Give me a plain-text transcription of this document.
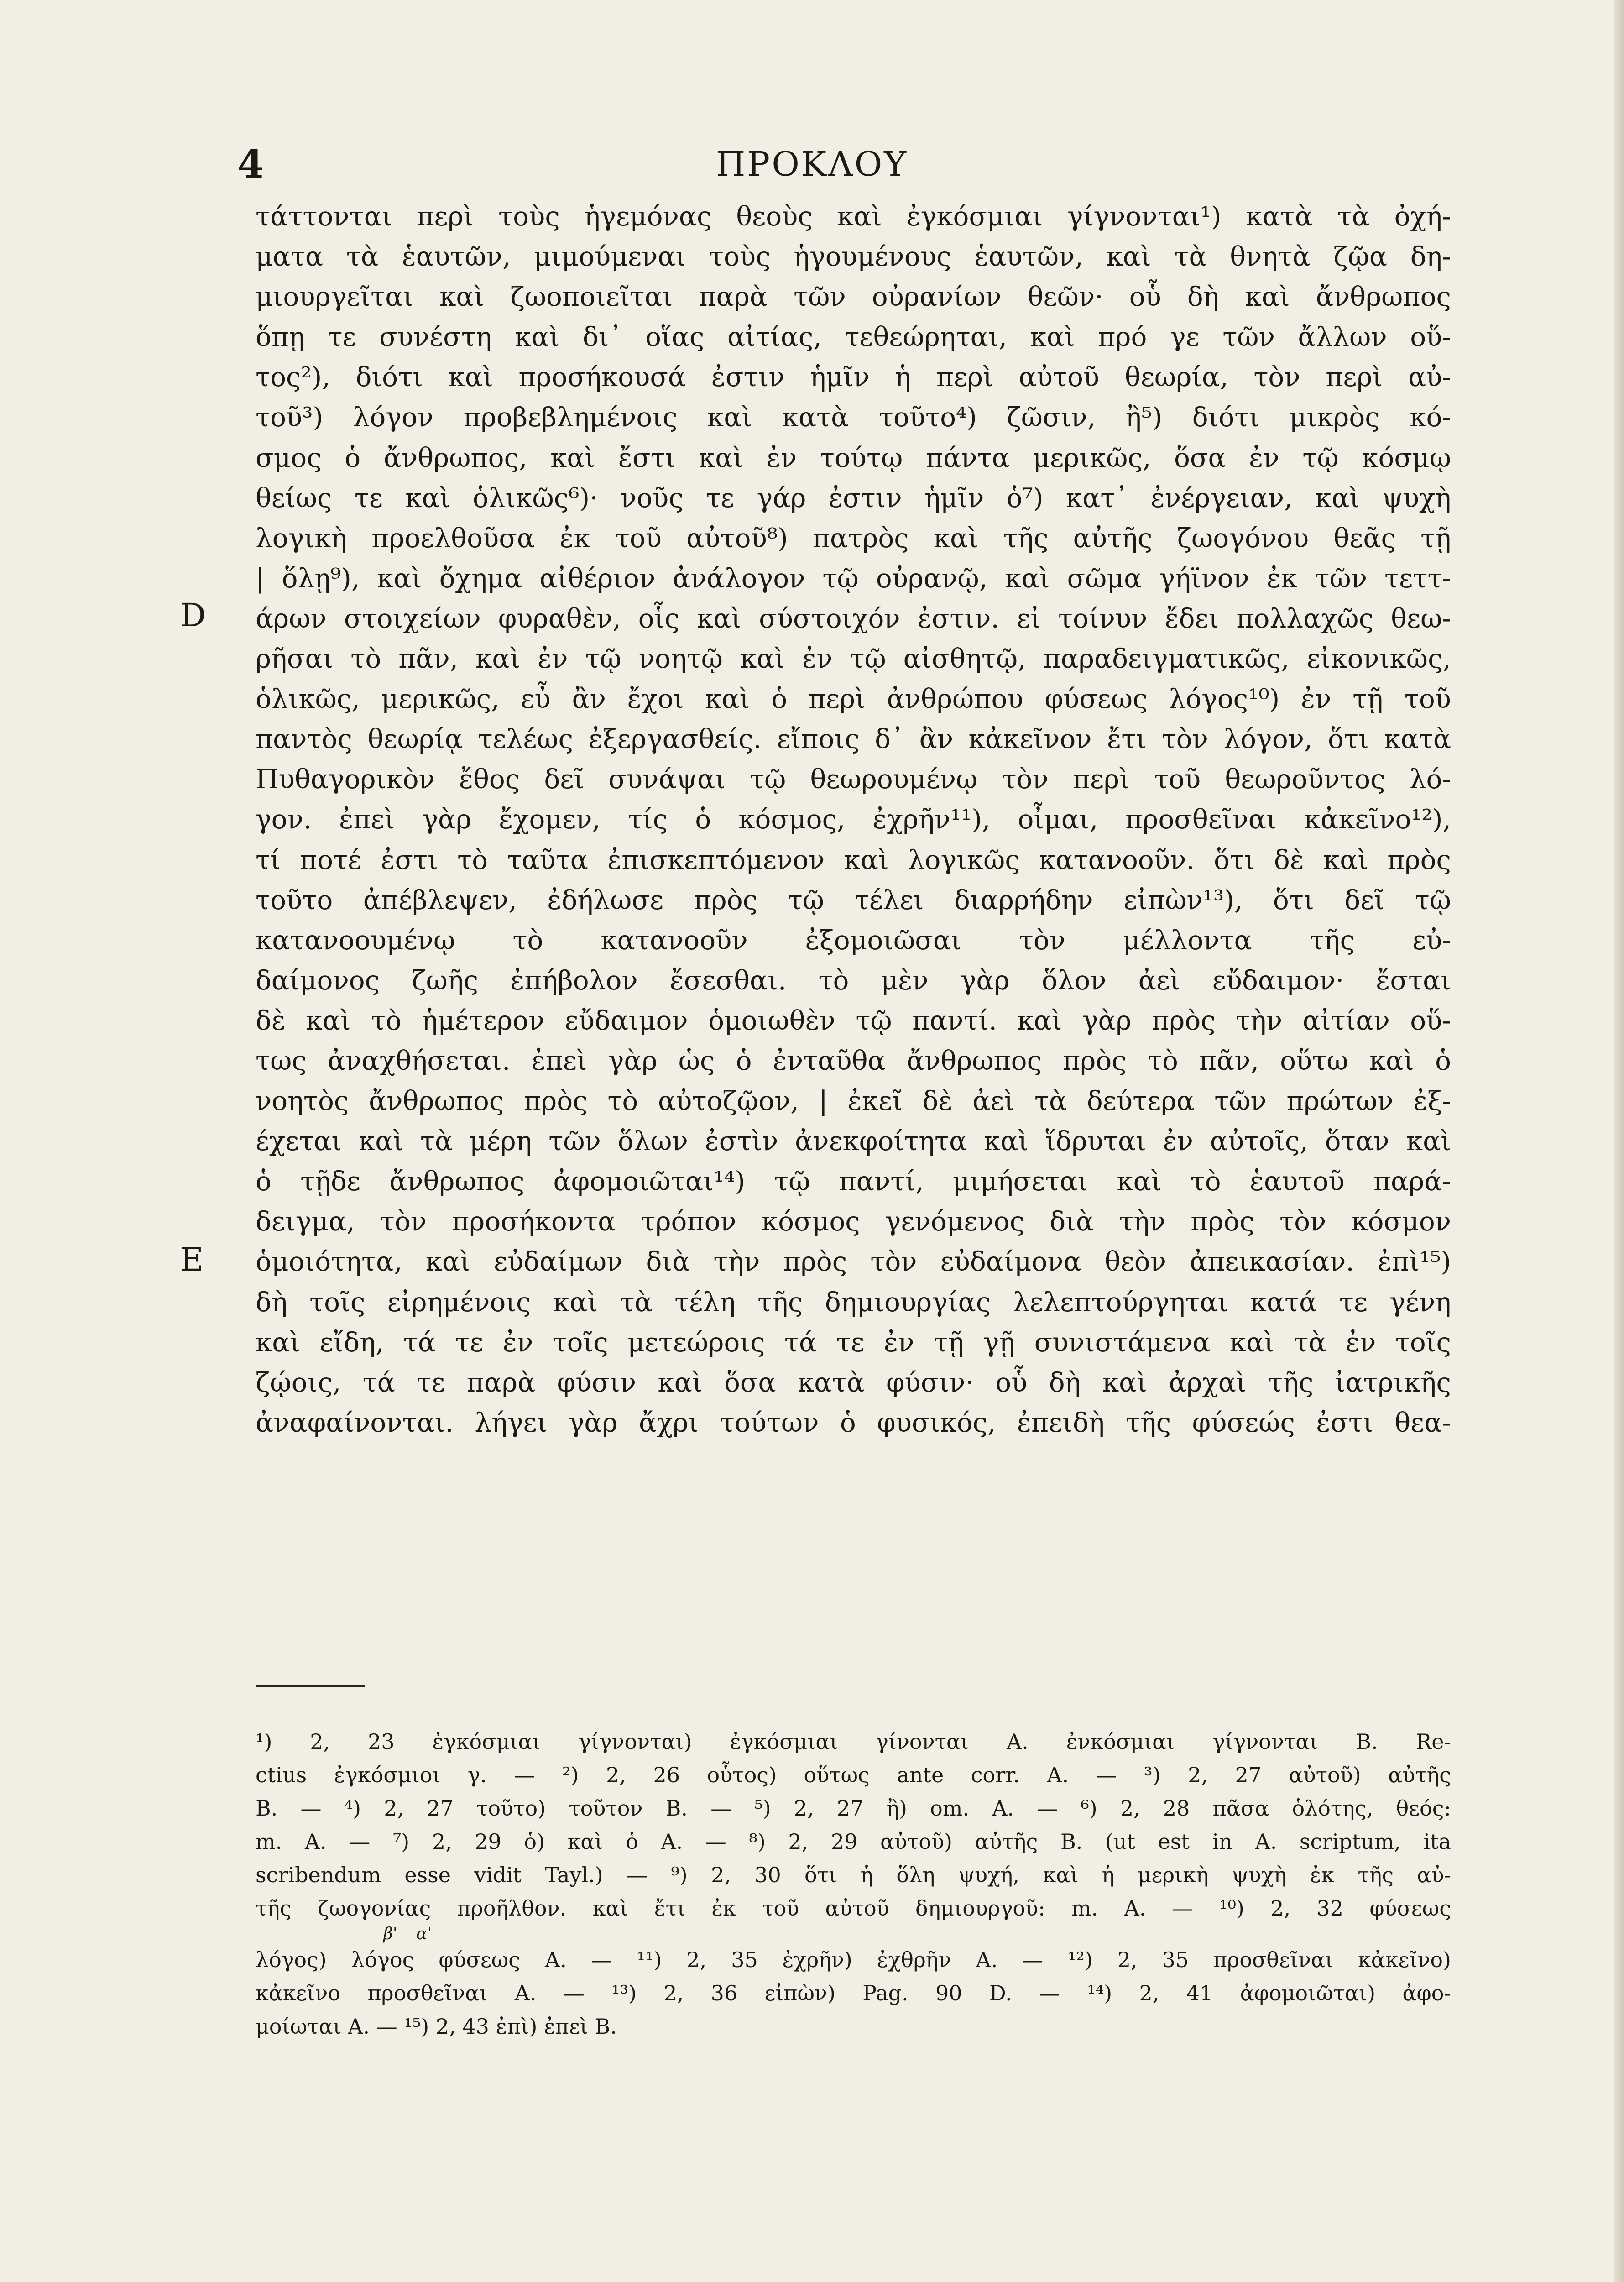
4	ΠΡΟΚΛΟΥ
D
E
τάττονται περὶ τοὺς ἡγεμόνας θεοὺς καὶ ἐγκόσμιαι γίγνονται¹) κατὰ τὰ ὀχή-
ματα τὰ ἑαυτῶν, μιμούμεναι τοὺς ἡγουμένους ἑαυτῶν, καὶ τὰ θνητὰ ζῷα δη-
μιουργεῖται καὶ ζωοποιεῖται παρὰ τῶν οὐρανίων θεῶν· οὗ δὴ καὶ ἄνθρωπος
ὅπῃ τε συνέστη καὶ δι᾽ οἵας αἰτίας, τεθεώρηται, καὶ πρό γε τῶν ἄλλων οὕ-
τος²), διότι καὶ προσήκουσά ἐστιν ἡμῖν ἡ περὶ αὐτοῦ θεωρία, τὸν περὶ αὐ-
τοῦ³) λόγον προβεβλημένοις καὶ κατὰ τοῦτο⁴) ζῶσιν, ἢ⁵) διότι μικρὸς κό-
σμος ὁ ἄνθρωπος, καὶ ἔστι καὶ ἐν τούτῳ πάντα μερικῶς, ὅσα ἐν τῷ κόσμῳ
θείως τε καὶ ὁλικῶς⁶)· νοῦς τε γάρ ἐστιν ἡμῖν ὁ⁷) κατ᾽ ἐνέργειαν, καὶ ψυχὴ
λογικὴ προελθοῦσα ἐκ τοῦ αὐτοῦ⁸) πατρὸς καὶ τῆς αὐτῆς ζωογόνου θεᾶς τῇ
| ὅλῃ⁹), καὶ ὄχημα αἰθέριον ἀνάλογον τῷ οὐρανῷ, καὶ σῶμα γήϊνον ἐκ τῶν τεττ-
άρων στοιχείων φυραθὲν, οἷς καὶ σύστοιχόν ἐστιν. εἰ τοίνυν ἔδει πολλαχῶς θεω-
ρῆσαι τὸ πᾶν, καὶ ἐν τῷ νοητῷ καὶ ἐν τῷ αἰσθητῷ, παραδειγματικῶς, εἰκονικῶς,
ὁλικῶς, μερικῶς, εὖ ἂν ἔχοι καὶ ὁ περὶ ἀνθρώπου φύσεως λόγος¹⁰) ἐν τῇ τοῦ
παντὸς θεωρίᾳ τελέως ἐξεργασθείς. εἴποις δ᾽ ἂν κἀκεῖνον ἔτι τὸν λόγον, ὅτι κατὰ
Πυθαγορικὸν ἔθος δεῖ συνάψαι τῷ θεωρουμένῳ τὸν περὶ τοῦ θεωροῦντος λό-
γον. ἐπεὶ γὰρ ἔχομεν, τίς ὁ κόσμος, ἐχρῆν¹¹), οἶμαι, προσθεῖναι κἀκεῖνο¹²),
τί ποτέ ἐστι τὸ ταῦτα ἐπισκεπτόμενον καὶ λογικῶς κατανοοῦν. ὅτι δὲ καὶ πρὸς
τοῦτο ἀπέβλεψεν, ἐδήλωσε πρὸς τῷ τέλει διαρρήδην εἰπὼν¹³), ὅτι δεῖ τῷ
κατανοουμένῳ τὸ κατανοοῦν ἐξομοιῶσαι τὸν μέλλοντα τῆς εὐ-
δαίμονος ζωῆς ἐπήβολον ἔσεσθαι. τὸ μὲν γὰρ ὅλον ἀεὶ εὔδαιμον· ἔσται
δὲ καὶ τὸ ἡμέτερον εὔδαιμον ὁμοιωθὲν τῷ παντί. καὶ γὰρ πρὸς τὴν αἰτίαν οὕ-
τως ἀναχθήσεται. ἐπεὶ γὰρ ὡς ὁ ἐνταῦθα ἄνθρωπος πρὸς τὸ πᾶν, οὕτω καὶ ὁ
νοητὸς ἄνθρωπος πρὸς τὸ αὐτοζῷον, | ἐκεῖ δὲ ἀεὶ τὰ δεύτερα τῶν πρώτων ἐξ-
έχεται καὶ τὰ μέρη τῶν ὅλων ἐστὶν ἀνεκφοίτητα καὶ ἵδρυται ἐν αὐτοῖς, ὅταν καὶ
ὁ τῇδε ἄνθρωπος ἀφομοιῶται¹⁴) τῷ παντί, μιμήσεται καὶ τὸ ἑαυτοῦ παρά-
δειγμα, τὸν προσήκοντα τρόπον κόσμος γενόμενος διὰ τὴν πρὸς τὸν κόσμον
ὁμοιότητα, καὶ εὐδαίμων διὰ τὴν πρὸς τὸν εὐδαίμονα θεὸν ἀπεικασίαν. ἐπὶ¹⁵)
δὴ τοῖς εἰρημένοις καὶ τὰ τέλη τῆς δημιουργίας λελεπτούργηται κατά τε γένη
καὶ εἴδη, τά τε ἐν τοῖς μετεώροις τά τε ἐν τῇ γῇ συνιστάμενα καὶ τὰ ἐν τοῖς
ζῴοις, τά τε παρὰ φύσιν καὶ ὅσα κατὰ φύσιν· οὗ δὴ καὶ ἀρχαὶ τῆς ἰατρικῆς
ἀναφαίνονται. λήγει γὰρ ἄχρι τούτων ὁ φυσικός, ἐπειδὴ τῆς φύσεώς ἐστι θεα-
¹) 2, 23 ἐγκόσμιαι γίγνονται) ἐγκόσμιαι γίνονται A. ἐνκόσμιαι γίγνονται B. Re-
ctius ἐγκόσμιοι γ. — ²) 2, 26 οὗτος) οὕτως ante corr. A. — ³) 2, 27 αὐτοῦ) αὐτῆς
B. — ⁴) 2, 27 τοῦτο) τοῦτον B. — ⁵) 2, 27 ἢ) om. A. — ⁶) 2, 28 πᾶσα ὁλότης, θεός:
m. A. — ⁷) 2, 29 ὁ) καὶ ὁ A. — ⁸) 2, 29 αὐτοῦ) αὐτῆς B. (ut est in A. scriptum, ita
scribendum esse vidit Tayl.) — ⁹) 2, 30 ὅτι ἡ ὅλη ψυχή, καὶ ἡ μερικὴ ψυχὴ ἐκ τῆς αὐ-
τῆς ζωογονίας προῆλθον. καὶ ἔτι ἐκ τοῦ αὐτοῦ δημιουργοῦ: m. A. — ¹⁰) 2, 32 φύσεως
β' α'
λόγος) λόγος φύσεως A. — ¹¹) 2, 35 ἐχρῆν) ἐχθρῆν A. — ¹²) 2, 35 προσθεῖναι κἀκεῖνο)
κἀκεῖνο προσθεῖναι A. — ¹³) 2, 36 εἰπὼν) Pag. 90 D. — ¹⁴) 2, 41 ἀφομοιῶται) ἀφο-
μοίωται A. — ¹⁵) 2, 43 ἐπὶ) ἐπεὶ B.
